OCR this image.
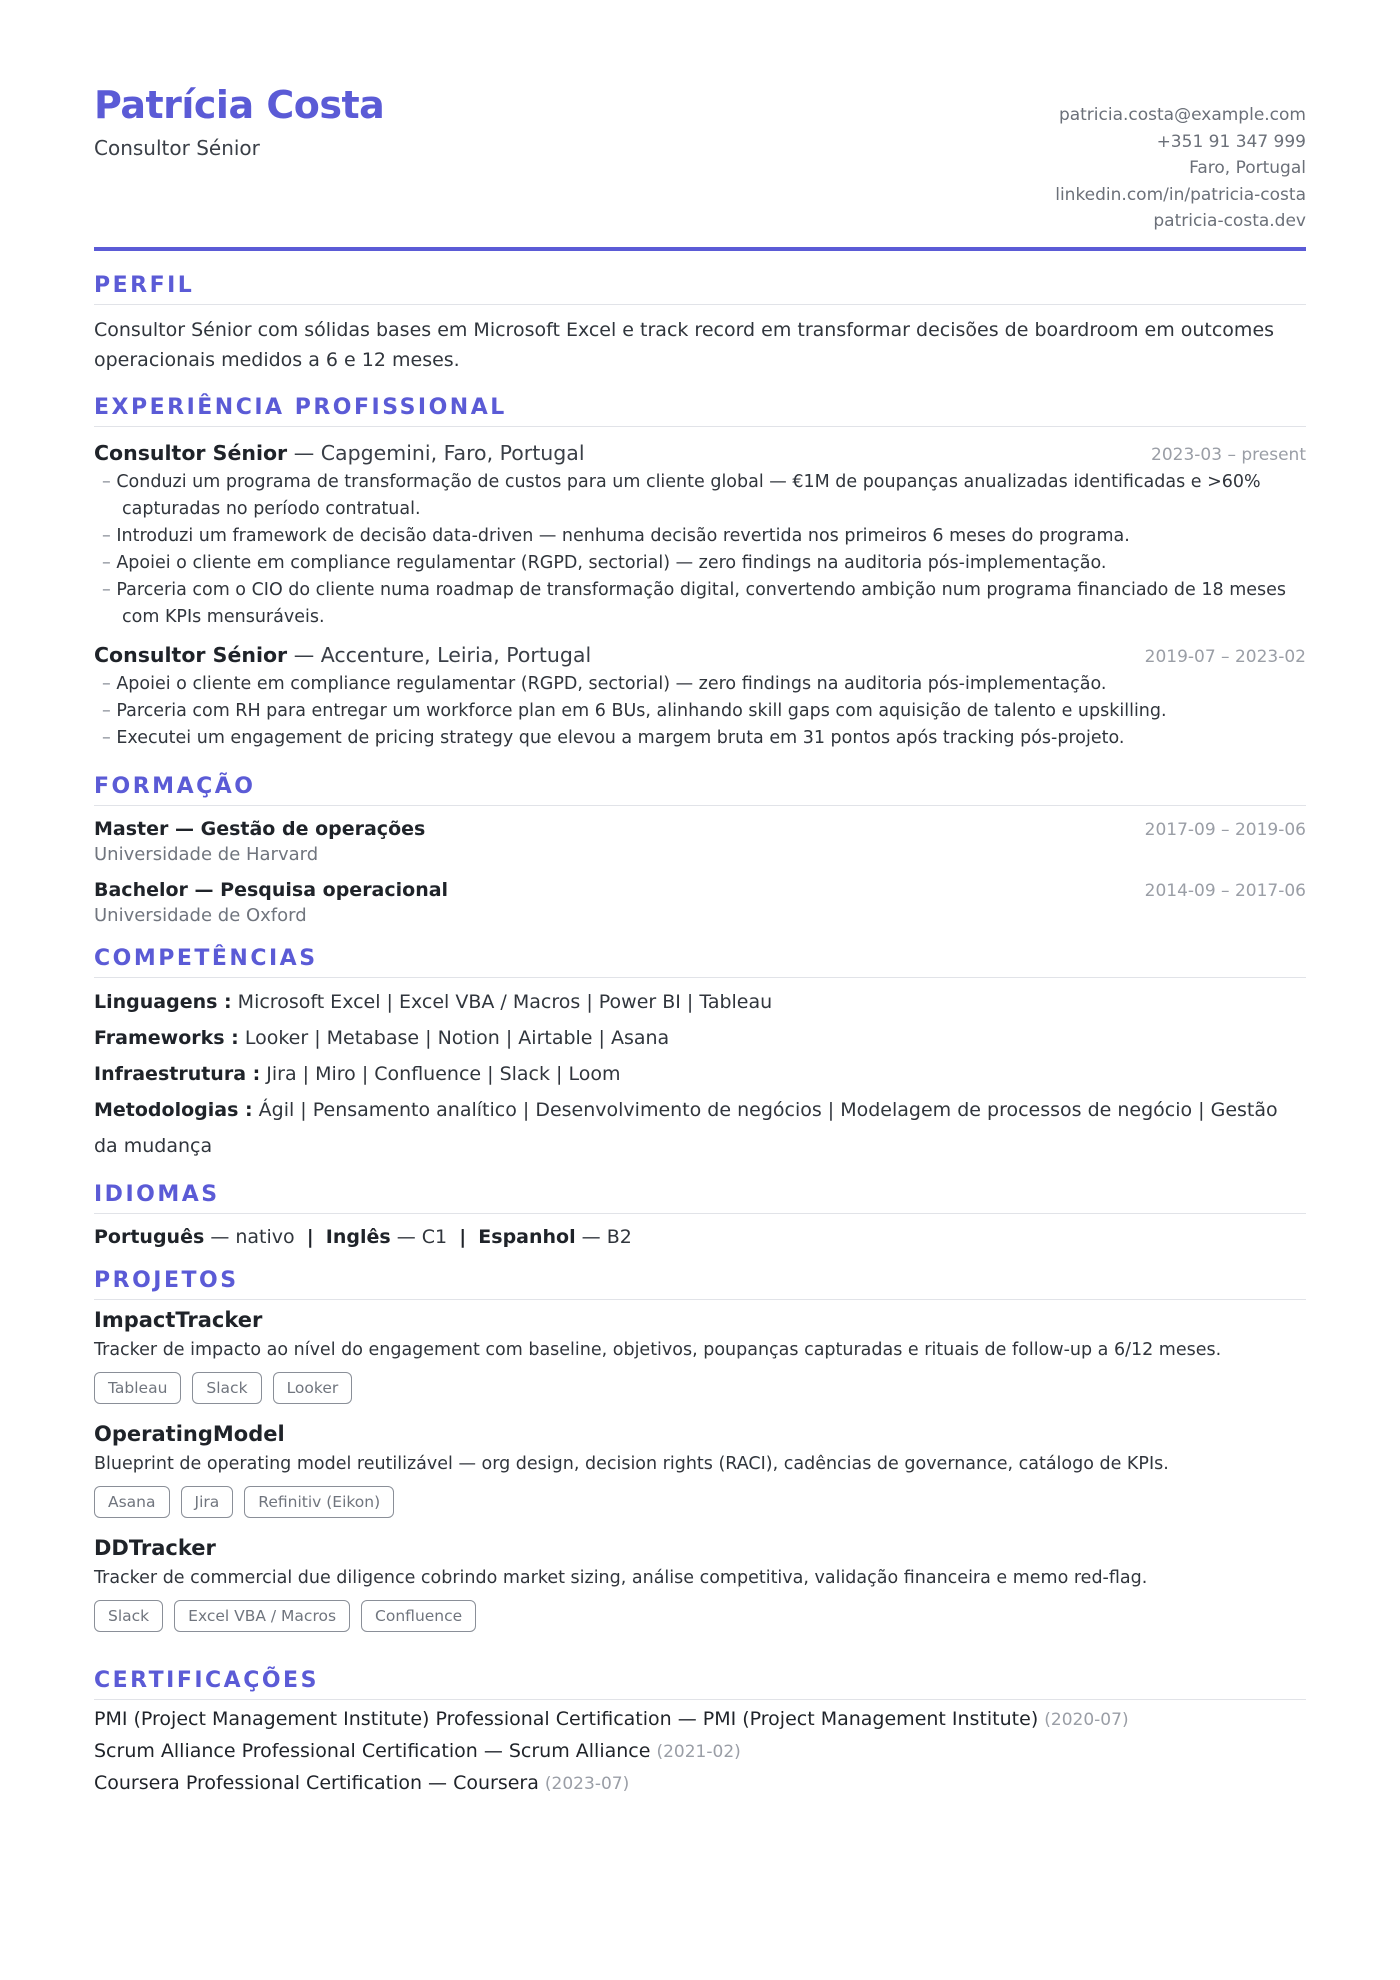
Patrícia Costa
Consultor Sénior
patricia.costa@example.com
+351 91 347 999
Faro, Portugal
linkedin.com/in/patricia-costa
patricia-costa.dev
PERFIL
Consultor Sénior com sólidas bases em Microsoft Excel e track record em transformar decisões de boardroom em outcomes operacionais medidos a 6 e 12 meses.
EXPERIÊNCIA PROFISSIONAL
Consultor Sénior — Capgemini, Faro, Portugal	2023-03 – present
– Conduzi um programa de transformação de custos para um cliente global — €1M de poupanças anualizadas identificadas e >60% capturadas no período contratual.
– Introduzi um framework de decisão data-driven — nenhuma decisão revertida nos primeiros 6 meses do programa.
– Apoiei o cliente em compliance regulamentar (RGPD, sectorial) — zero findings na auditoria pós-implementação.
– Parceria com o CIO do cliente numa roadmap de transformação digital, convertendo ambição num programa financiado de 18 meses com KPIs mensuráveis.
Consultor Sénior — Accenture, Leiria, Portugal	2019-07 – 2023-02
– Apoiei o cliente em compliance regulamentar (RGPD, sectorial) — zero findings na auditoria pós-implementação.
– Parceria com RH para entregar um workforce plan em 6 BUs, alinhando skill gaps com aquisição de talento e upskilling.
– Executei um engagement de pricing strategy que elevou a margem bruta em 31 pontos após tracking pós-projeto.
FORMAÇÃO
Master — Gestão de operações	2017-09 – 2019-06
Universidade de Harvard
Bachelor — Pesquisa operacional	2014-09 – 2017-06
Universidade de Oxford
COMPETÊNCIAS
Linguagens : Microsoft Excel | Excel VBA / Macros | Power BI | Tableau
Frameworks : Looker | Metabase | Notion | Airtable | Asana
Infraestrutura : Jira | Miro | Confluence | Slack | Loom
Metodologias : Ágil | Pensamento analítico | Desenvolvimento de negócios | Modelagem de processos de negócio | Gestão da mudança
IDIOMAS
Português — nativo | Inglês — C1 | Espanhol — B2
PROJETOS
ImpactTracker
Tracker de impacto ao nível do engagement com baseline, objetivos, poupanças capturadas e rituais de follow-up a 6/12 meses.
Tableau	Slack	Looker
OperatingModel
Blueprint de operating model reutilizável — org design, decision rights (RACI), cadências de governance, catálogo de KPIs.
Asana	Jira	Refinitiv (Eikon)
DDTracker
Tracker de commercial due diligence cobrindo market sizing, análise competitiva, validação financeira e memo red-flag.
Slack	Excel VBA / Macros	Confluence
CERTIFICAÇÕES
PMI (Project Management Institute) Professional Certification — PMI (Project Management Institute) (2020-07)
Scrum Alliance Professional Certification — Scrum Alliance (2021-02)
Coursera Professional Certification — Coursera (2023-07)
